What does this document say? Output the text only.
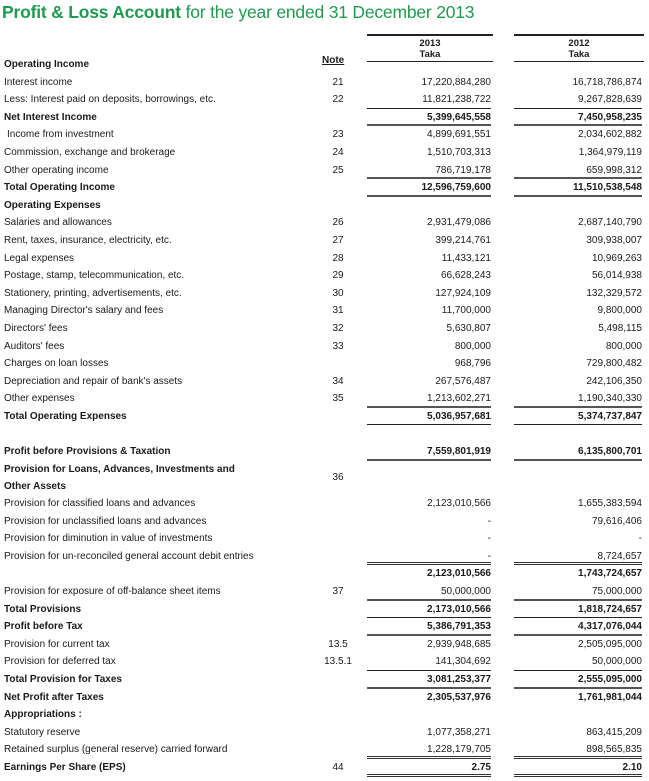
Profit & Loss Account for the year ended 31 December 2013
2013
Taka
2012
Taka
Note
Operating Income
Interest income	21	17,220,884,280	16,718,786,874
Less: Interest paid on deposits, borrowings, etc.	22	11,821,238,722	9,267,828,639
Net Interest Income	5,399,645,558	7,450,958,235
Income from investment	23	4,899,691,551	2,034,602,882
Commission, exchange and brokerage	24	1,510,703,313	1,364,979,119
Other operating income	25	786,719,178	659,998,312
Total Operating Income	12,596,759,600	11,510,538,548
Operating Expenses
Salaries and allowances	26	2,931,479,086	2,687,140,790
Rent, taxes, insurance, electricity, etc.	27	399,214,761	309,938,007
Legal expenses	28	11,433,121	10,969,263
Postage, stamp, telecommunication, etc.	29	66,628,243	56,014,938
Stationery, printing, advertisements, etc.	30	127,924,109	132,329,572
Managing Director's salary and fees	31	11,700,000	9,800,000
Directors' fees	32	5,630,807	5,498,115
Auditors' fees	33	800,000	800,000
Charges on loan losses	968,796	729,800,482
Depreciation and repair of bank's assets	34	267,576,487	242,106,350
Other expenses	35	1,213,602,271	1,190,340,330
Total Operating Expenses	5,036,957,681	5,374,737,847
Profit before Provisions & Taxation	7,559,801,919	6,135,800,701
Provision for Loans, Advances, Investments and
Other Assets
36
Provision for classified loans and advances	2,123,010,566	1,655,383,594
Provision for unclassified loans and advances	-	79,616,406
Provision for diminution in value of investments	-	-
Provision for un-reconciled general account debit entries	-	8,724,657
2,123,010,566	1,743,724,657
Provision for exposure of off-balance sheet items	37	50,000,000	75,000,000
Total Provisions	2,173,010,566	1,818,724,657
Profit before Tax	5,386,791,353	4,317,076,044
Provision for current tax	13.5	2,939,948,685	2,505,095,000
Provision for deferred tax	13.5.1	141,304,692	50,000,000
Total Provision for Taxes	3,081,253,377	2,555,095,000
Net Profit after Taxes	2,305,537,976	1,761,981,044
Appropriations :
Statutory reserve	1,077,358,271	863,415,209
Retained surplus (general reserve) carried forward	1,228,179,705	898,565,835
Earnings Per Share (EPS)	44	2.75	2.10
